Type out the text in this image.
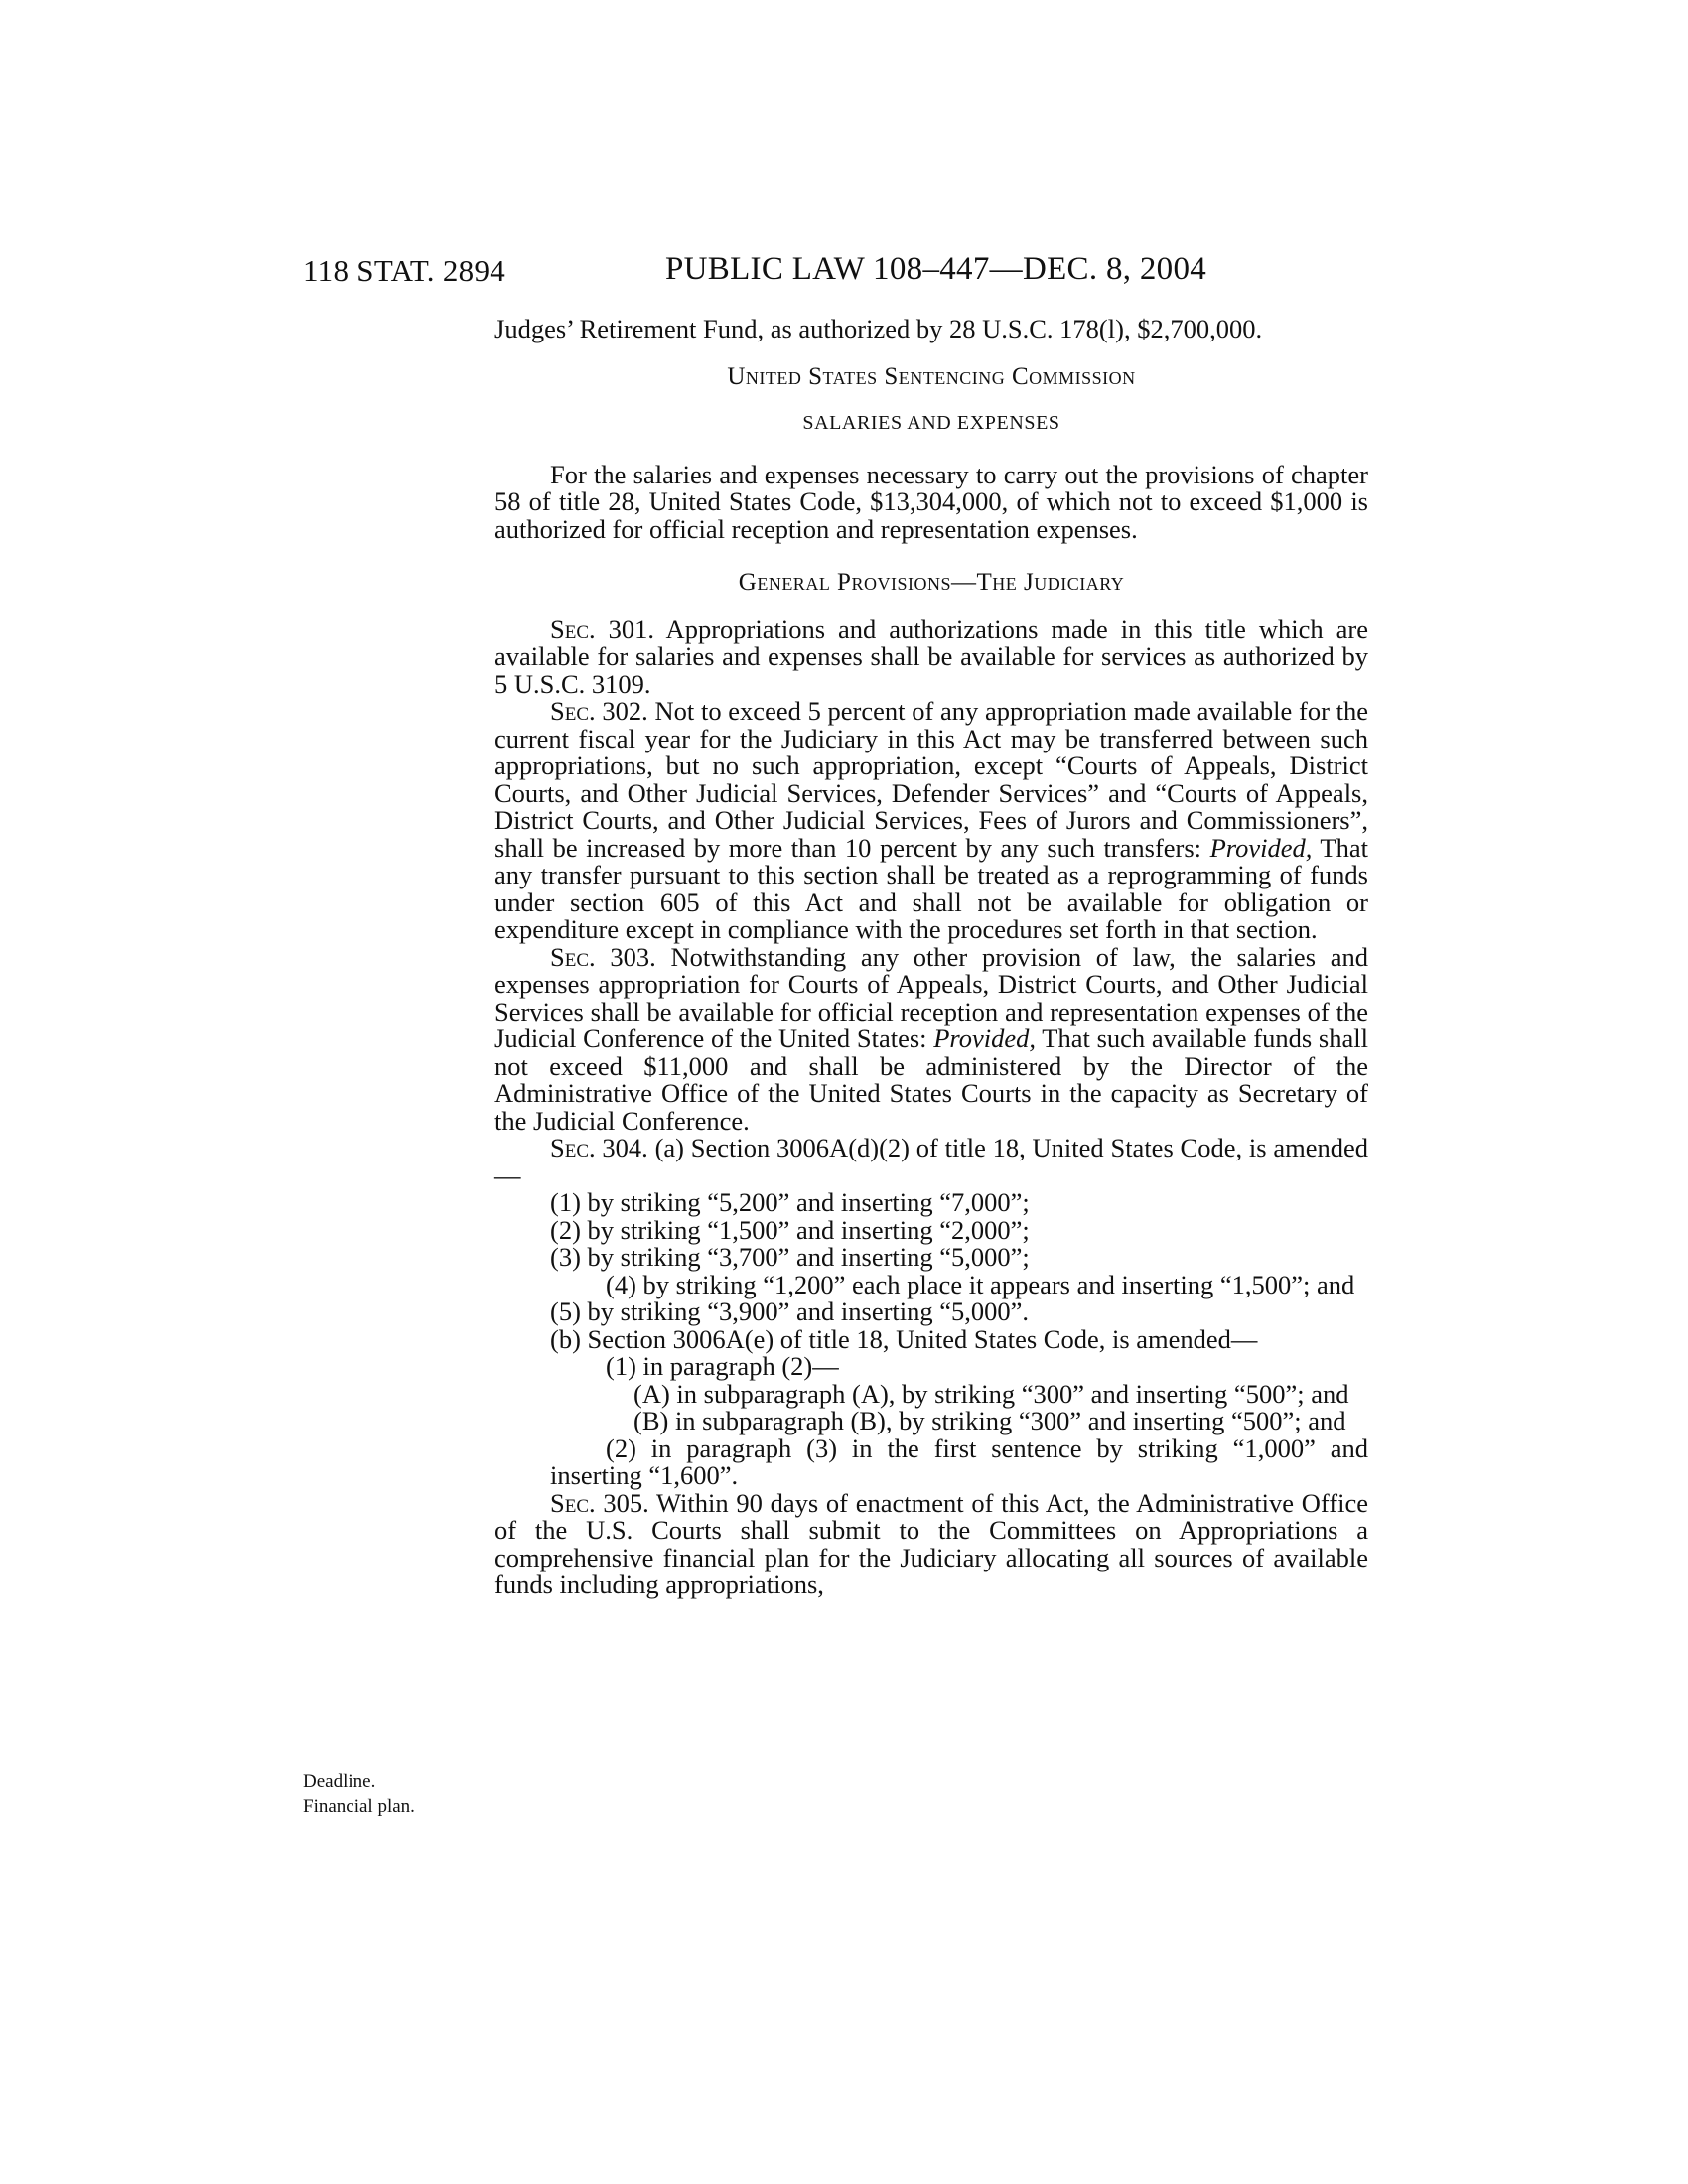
118 STAT. 2894	PUBLIC LAW 108–447—DEC. 8, 2004
Deadline.
Financial plan.

Judges’ Retirement Fund, as authorized by 28 U.S.C. 178(l), $2,700,000.

United States Sentencing Commission

SALARIES AND EXPENSES

For the salaries and expenses necessary to carry out the provisions of chapter 58 of title 28, United States Code, $13,304,000, of which not to exceed $1,000 is authorized for official reception and representation expenses.

General Provisions—The Judiciary

Sec. 301. Appropriations and authorizations made in this title which are available for salaries and expenses shall be available for services as authorized by 5 U.S.C. 3109.

Sec. 302. Not to exceed 5 percent of any appropriation made available for the current fiscal year for the Judiciary in this Act may be transferred between such appropriations, but no such appropriation, except “Courts of Appeals, District Courts, and Other Judicial Services, Defender Services” and “Courts of Appeals, District Courts, and Other Judicial Services, Fees of Jurors and Commissioners”, shall be increased by more than 10 percent by any such transfers: Provided, That any transfer pursuant to this section shall be treated as a reprogramming of funds under section 605 of this Act and shall not be available for obligation or expenditure except in compliance with the procedures set forth in that section.

Sec. 303. Notwithstanding any other provision of law, the salaries and expenses appropriation for Courts of Appeals, District Courts, and Other Judicial Services shall be available for official reception and representation expenses of the Judicial Conference of the United States: Provided, That such available funds shall not exceed $11,000 and shall be administered by the Director of the Administrative Office of the United States Courts in the capacity as Secretary of the Judicial Conference.

Sec. 304. (a) Section 3006A(d)(2) of title 18, United States Code, is amended—

(1) by striking “5,200” and inserting “7,000”;

(2) by striking “1,500” and inserting “2,000”;

(3) by striking “3,700” and inserting “5,000”;

(4) by striking “1,200” each place it appears and inserting “1,500”; and

(5) by striking “3,900” and inserting “5,000”.

(b) Section 3006A(e) of title 18, United States Code, is amended—

(1) in paragraph (2)—

(A) in subparagraph (A), by striking “300” and inserting “500”; and

(B) in subparagraph (B), by striking “300” and inserting “500”; and

(2) in paragraph (3) in the first sentence by striking “1,000” and inserting “1,600”.

Sec. 305. Within 90 days of enactment of this Act, the Administrative Office of the U.S. Courts shall submit to the Committees on Appropriations a comprehensive financial plan for the Judiciary allocating all sources of available funds including appropriations,
